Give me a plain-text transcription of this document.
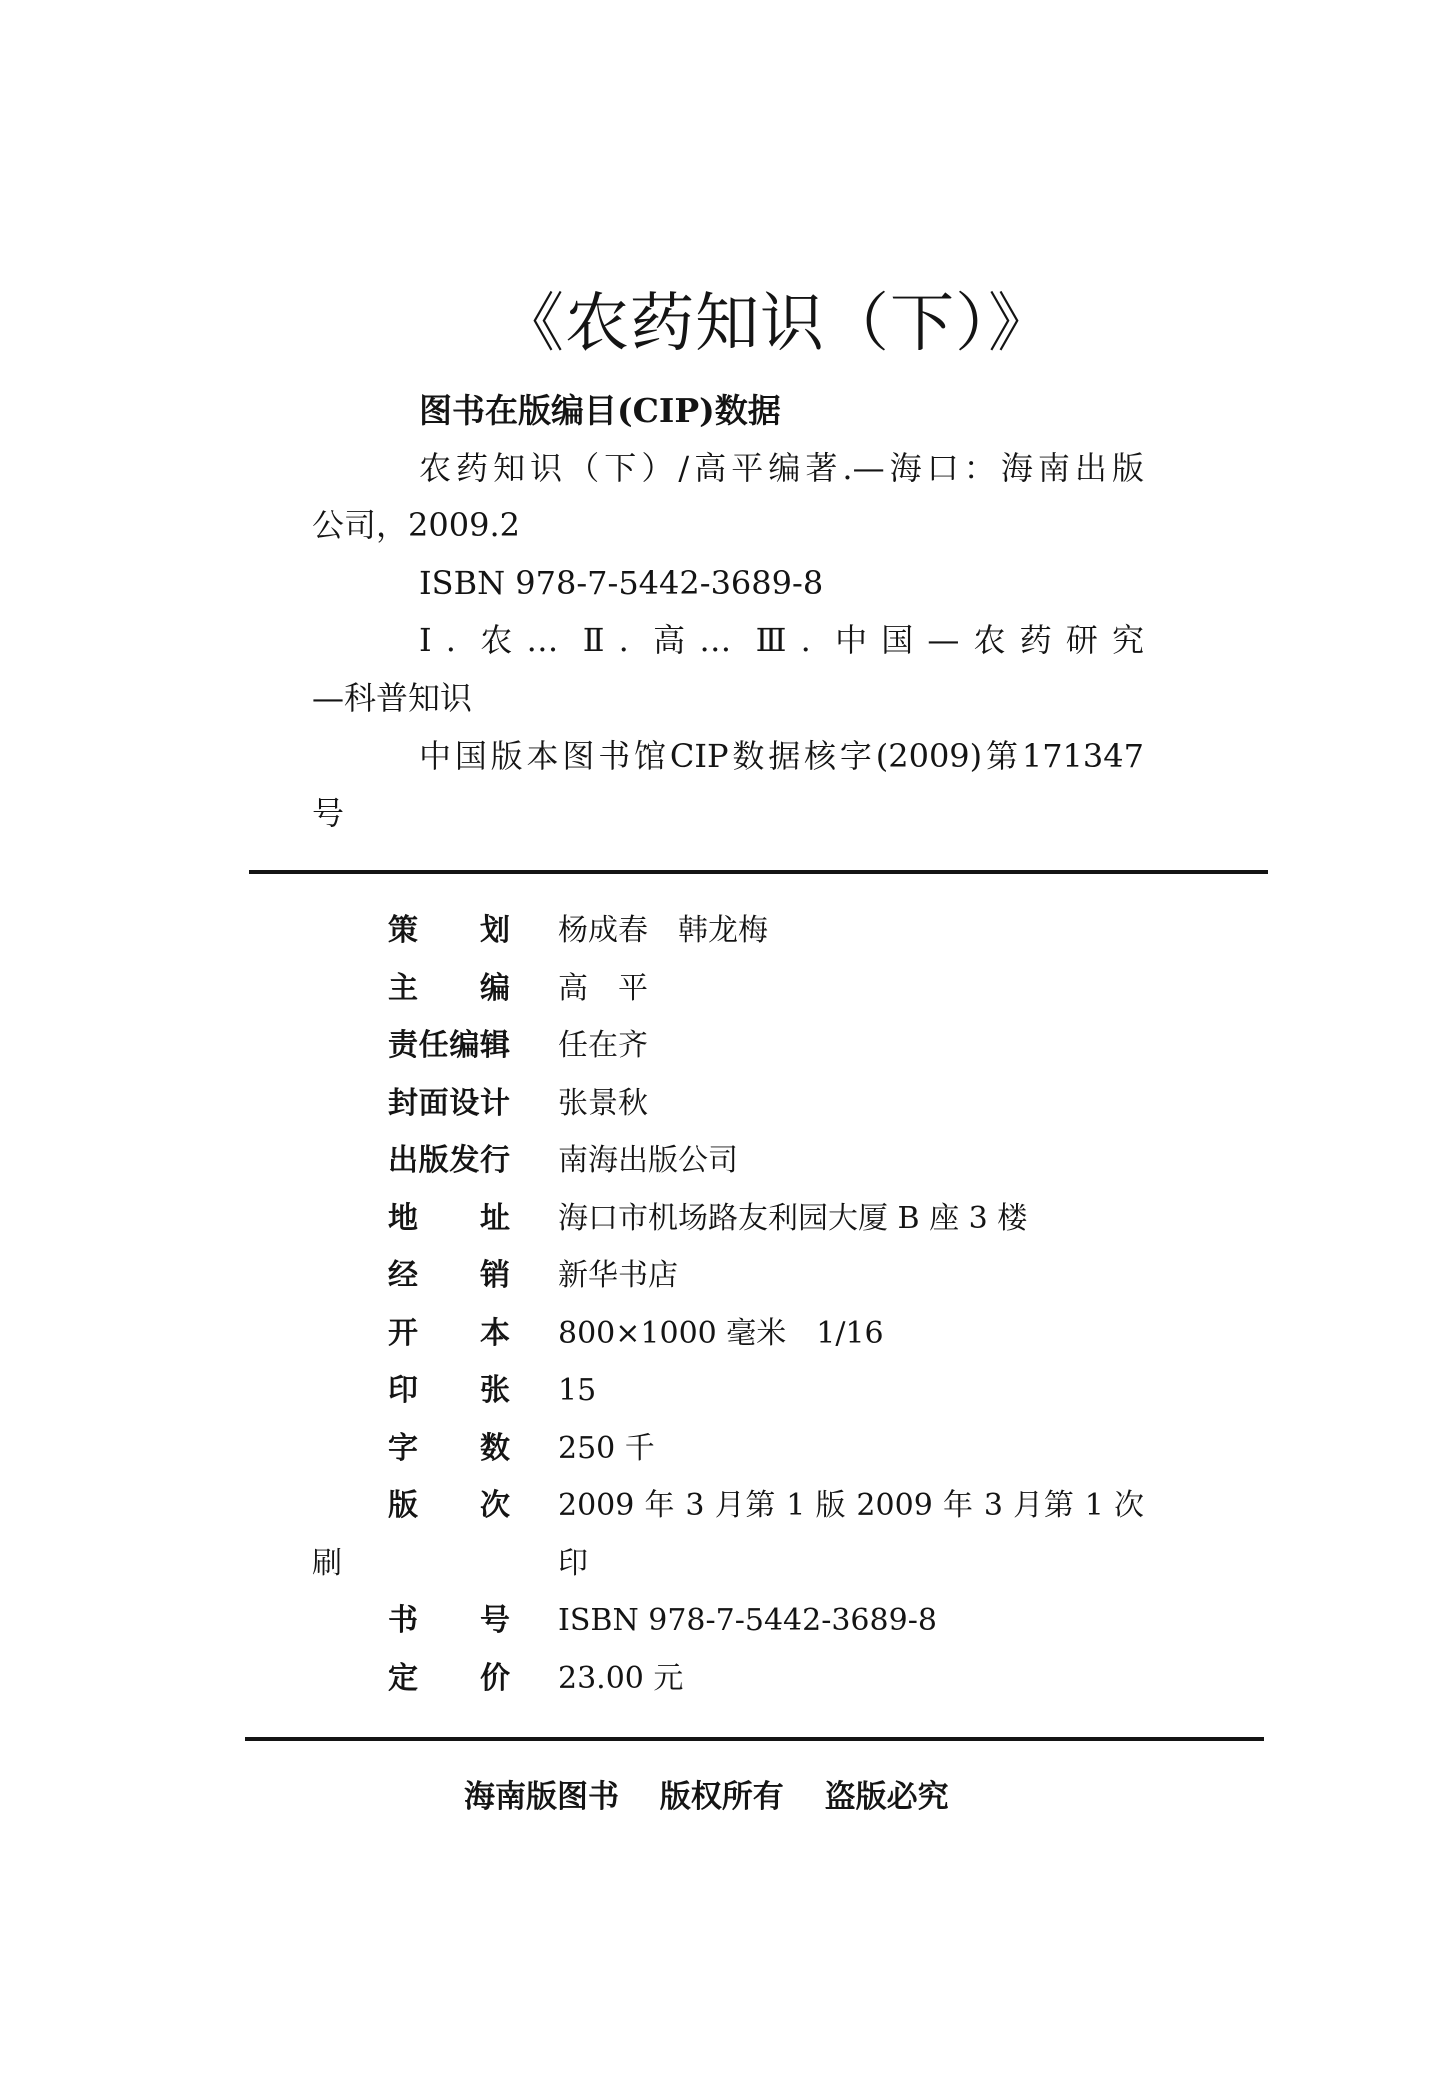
《农药知识（下）》
图书在版编目(CIP)数据
农药知识（下）/高平编著.—海口：海南出版
公司，2009.2
ISBN 978-7-5442-3689-8
Ⅰ. 农… Ⅱ. 高… Ⅲ. 中国—农药研究
—科普知识
中国版本图书馆CIP数据核字(2009)第171347
号
策划 杨成春　韩龙梅
主编 高　平
责任编辑 任在齐
封面设计 张景秋
出版发行 南海出版公司
地址 海口市机场路友利园大厦 B 座 3 楼
经销 新华书店
开本 800×1000 毫米　1/16
印张 15
字数 250 千
版次 2009 年 3 月第 1 版 2009 年 3 月第 1 次印
刷
书号 ISBN 978-7-5442-3689-8
定价 23.00 元
海南版图书 版权所有 盗版必究
